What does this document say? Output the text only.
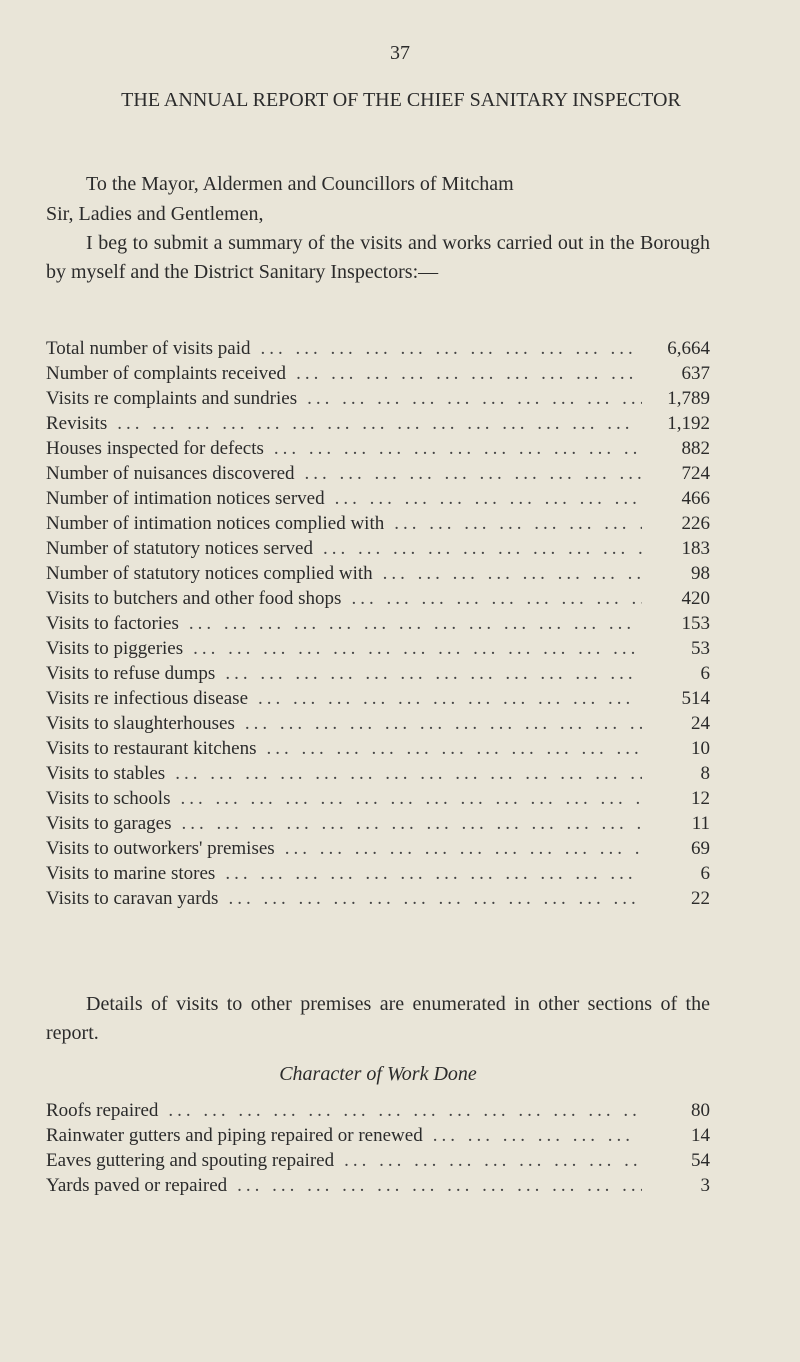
37
THE ANNUAL REPORT OF THE CHIEF SANITARY INSPECTOR
To the Mayor, Aldermen and Councillors of Mitcham
Sir, Ladies and Gentlemen,
I beg to submit a summary of the visits and works carried out in the Borough by myself and the District Sanitary Inspectors:—
Total number of visits paid ... .	6,664
Number of complaints received ... .	637
Visits re complaints and sundries ... .	1,789
Revisits ... .	1,192
Houses inspected for defects ... .	882
Number of nuisances discovered ... .	724
Number of intimation notices served ... .	466
Number of intimation notices complied with ... .	226
Number of statutory notices served ... .	183
Number of statutory notices complied with ... .	98
Visits to butchers and other food shops ... .	420
Visits to factories ... .	153
Visits to piggeries ... .	53
Visits to refuse dumps ... .	6
Visits re infectious disease ... .	514
Visits to slaughterhouses ... .	24
Visits to restaurant kitchens ... .	10
Visits to stables ... .	8
Visits to schools ... .	12
Visits to garages ... .	11
Visits to outworkers' premises ... .	69
Visits to marine stores ... .	6
Visits to caravan yards ... .	22
Details of visits to other premises are enumerated in other sections of the report.
Character of Work Done
Roofs repaired ... .	80
Rainwater gutters and piping repaired or renewed ... .	14
Eaves guttering and spouting repaired ... .	54
Yards paved or repaired ... .	3
